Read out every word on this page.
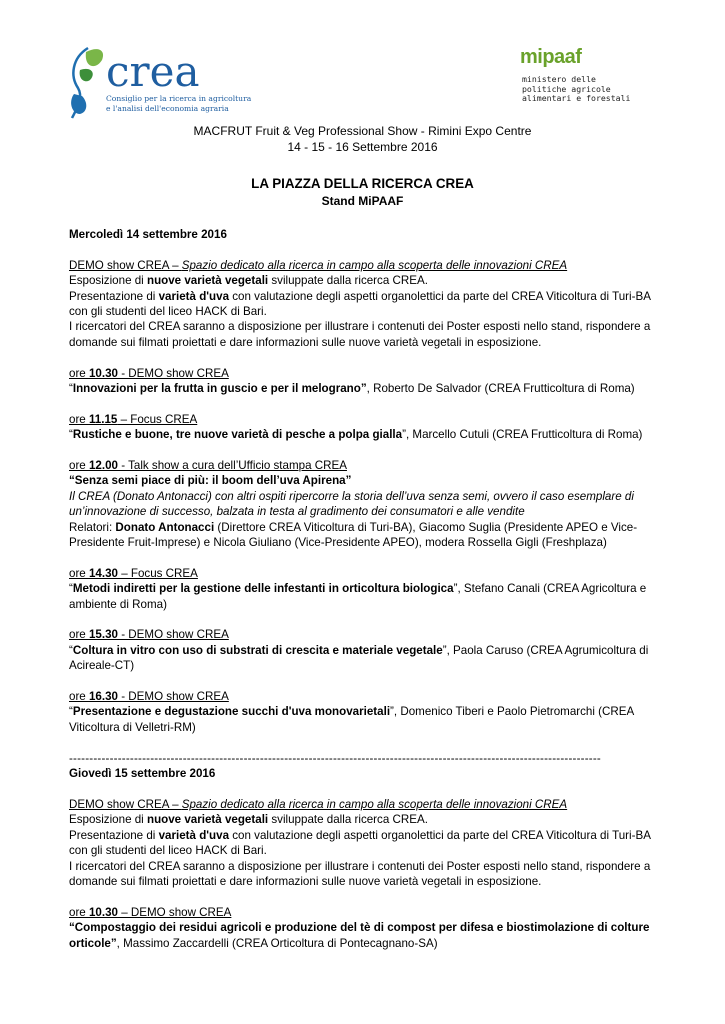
crea
Consiglio per la ricerca in agricoltura
e l'analisi dell'economia agraria
mipaaf
ministero delle
politiche agricole
alimentari e forestali
MACFRUT Fruit & Veg Professional Show - Rimini Expo Centre
14 - 15 - 16 Settembre 2016
LA PIAZZA DELLA RICERCA CREA
Stand MiPAAF
Mercoledì 14 settembre 2016
DEMO show CREA – Spazio dedicato alla ricerca in campo alla scoperta delle innovazioni CREA
Esposizione di nuove varietà vegetali sviluppate dalla ricerca CREA.
Presentazione di varietà d'uva con valutazione degli aspetti organolettici da parte del CREA Viticoltura di Turi-BA
con gli studenti del liceo HACK di Bari.
I ricercatori del CREA saranno a disposizione per illustrare i contenuti dei Poster esposti nello stand, rispondere a
domande sui filmati proiettati e dare informazioni sulle nuove varietà vegetali in esposizione.
ore 10.30 - DEMO show CREA
“Innovazioni per la frutta in guscio e per il melograno”, Roberto De Salvador (CREA Frutticoltura di Roma)
ore 11.15 – Focus CREA
“Rustiche e buone, tre nuove varietà di pesche a polpa gialla”, Marcello Cutuli (CREA Frutticoltura di Roma)
ore 12.00 - Talk show a cura dell’Ufficio stampa CREA
“Senza semi piace di più: il boom dell’uva Apirena”
Il CREA (Donato Antonacci) con altri ospiti ripercorre la storia dell’uva senza semi, ovvero il caso esemplare di
un’innovazione di successo, balzata in testa al gradimento dei consumatori e alle vendite
Relatori: Donato Antonacci (Direttore CREA Viticoltura di Turi-BA), Giacomo Suglia (Presidente APEO e Vice-
Presidente Fruit-Imprese) e Nicola Giuliano (Vice-Presidente APEO), modera Rossella Gigli (Freshplaza)
ore 14.30 – Focus CREA
“Metodi indiretti per la gestione delle infestanti in orticoltura biologica”, Stefano Canali (CREA Agricoltura e
ambiente di Roma)
ore 15.30 - DEMO show CREA
“Coltura in vitro con uso di substrati di crescita e materiale vegetale”, Paola Caruso (CREA Agrumicoltura di
Acireale-CT)
ore 16.30 - DEMO show CREA
“Presentazione e degustazione succhi d'uva monovarietali”, Domenico Tiberi e Paolo Pietromarchi (CREA
Viticoltura di Velletri-RM)
-----------------------------------------------------------------------------------------------------------------------------------
Giovedì 15 settembre 2016
DEMO show CREA – Spazio dedicato alla ricerca in campo alla scoperta delle innovazioni CREA
Esposizione di nuove varietà vegetali sviluppate dalla ricerca CREA.
Presentazione di varietà d'uva con valutazione degli aspetti organolettici da parte del CREA Viticoltura di Turi-BA
con gli studenti del liceo HACK di Bari.
I ricercatori del CREA saranno a disposizione per illustrare i contenuti dei Poster esposti nello stand, rispondere a
domande sui filmati proiettati e dare informazioni sulle nuove varietà vegetali in esposizione.
ore 10.30 – DEMO show CREA
“Compostaggio dei residui agricoli e produzione del tè di compost per difesa e biostimolazione di colture
orticole”, Massimo Zaccardelli (CREA Orticoltura di Pontecagnano-SA)
